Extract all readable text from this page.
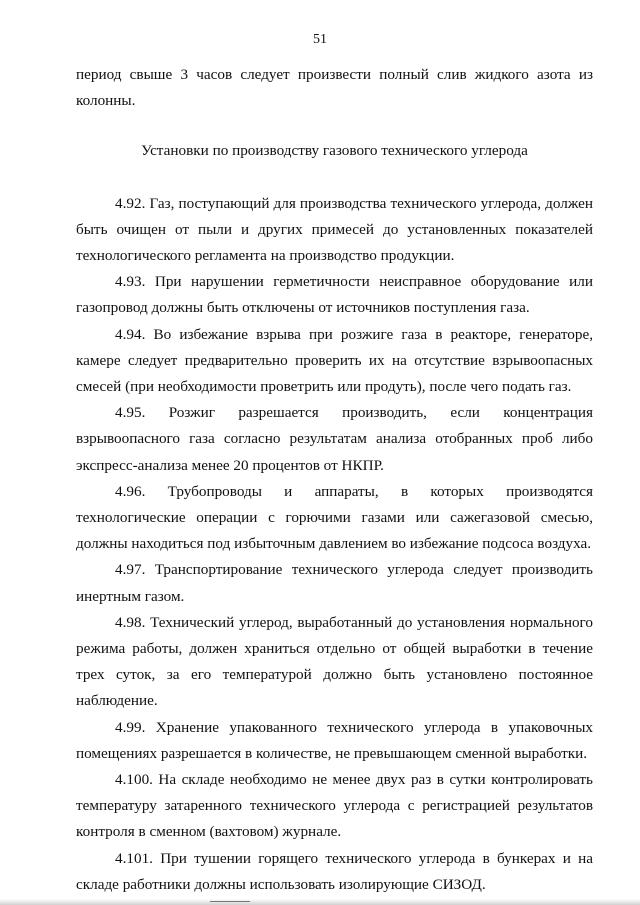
51

период свыше 3 часов следует произвести полный слив жидкого азота из колонны.

Установки по производству газового технического углерода

4.92. Газ, поступающий для производства технического углерода, должен быть очищен от пыли и других примесей до установленных показателей технологического регламента на производство продукции.

4.93. При нарушении герметичности неисправное оборудование или газопровод должны быть отключены от источников поступления газа.

4.94. Во избежание взрыва при розжиге газа в реакторе, генераторе, камере следует предварительно проверить их на отсутствие взрывоопасных смесей (при необходимости проветрить или продуть), после чего подать газ.

4.95. Розжиг разрешается производить, если концентрация взрывоопасного газа согласно результатам анализа отобранных проб либо экспресс-анализа менее 20 процентов от НКПР.

4.96. Трубопроводы и аппараты, в которых производятся технологические операции с горючими газами или сажегазовой смесью, должны находиться под избыточным давлением во избежание подсоса воздуха.

4.97. Транспортирование технического углерода следует производить инертным газом.

4.98. Технический углерод, выработанный до установления нормального режима работы, должен храниться отдельно от общей выработки в течение трех суток, за его температурой должно быть установлено постоянное наблюдение.

4.99. Хранение упакованного технического углерода в упаковочных помещениях разрешается в количестве, не превышающем сменной выработки.

4.100. На складе необходимо не менее двух раз в сутки контролировать температуру затаренного технического углерода с регистрацией результатов контроля в сменном (вахтовом) журнале.

4.101. При тушении горящего технического углерода в бункерах и на складе работники должны использовать изолирующие СИЗОД.
